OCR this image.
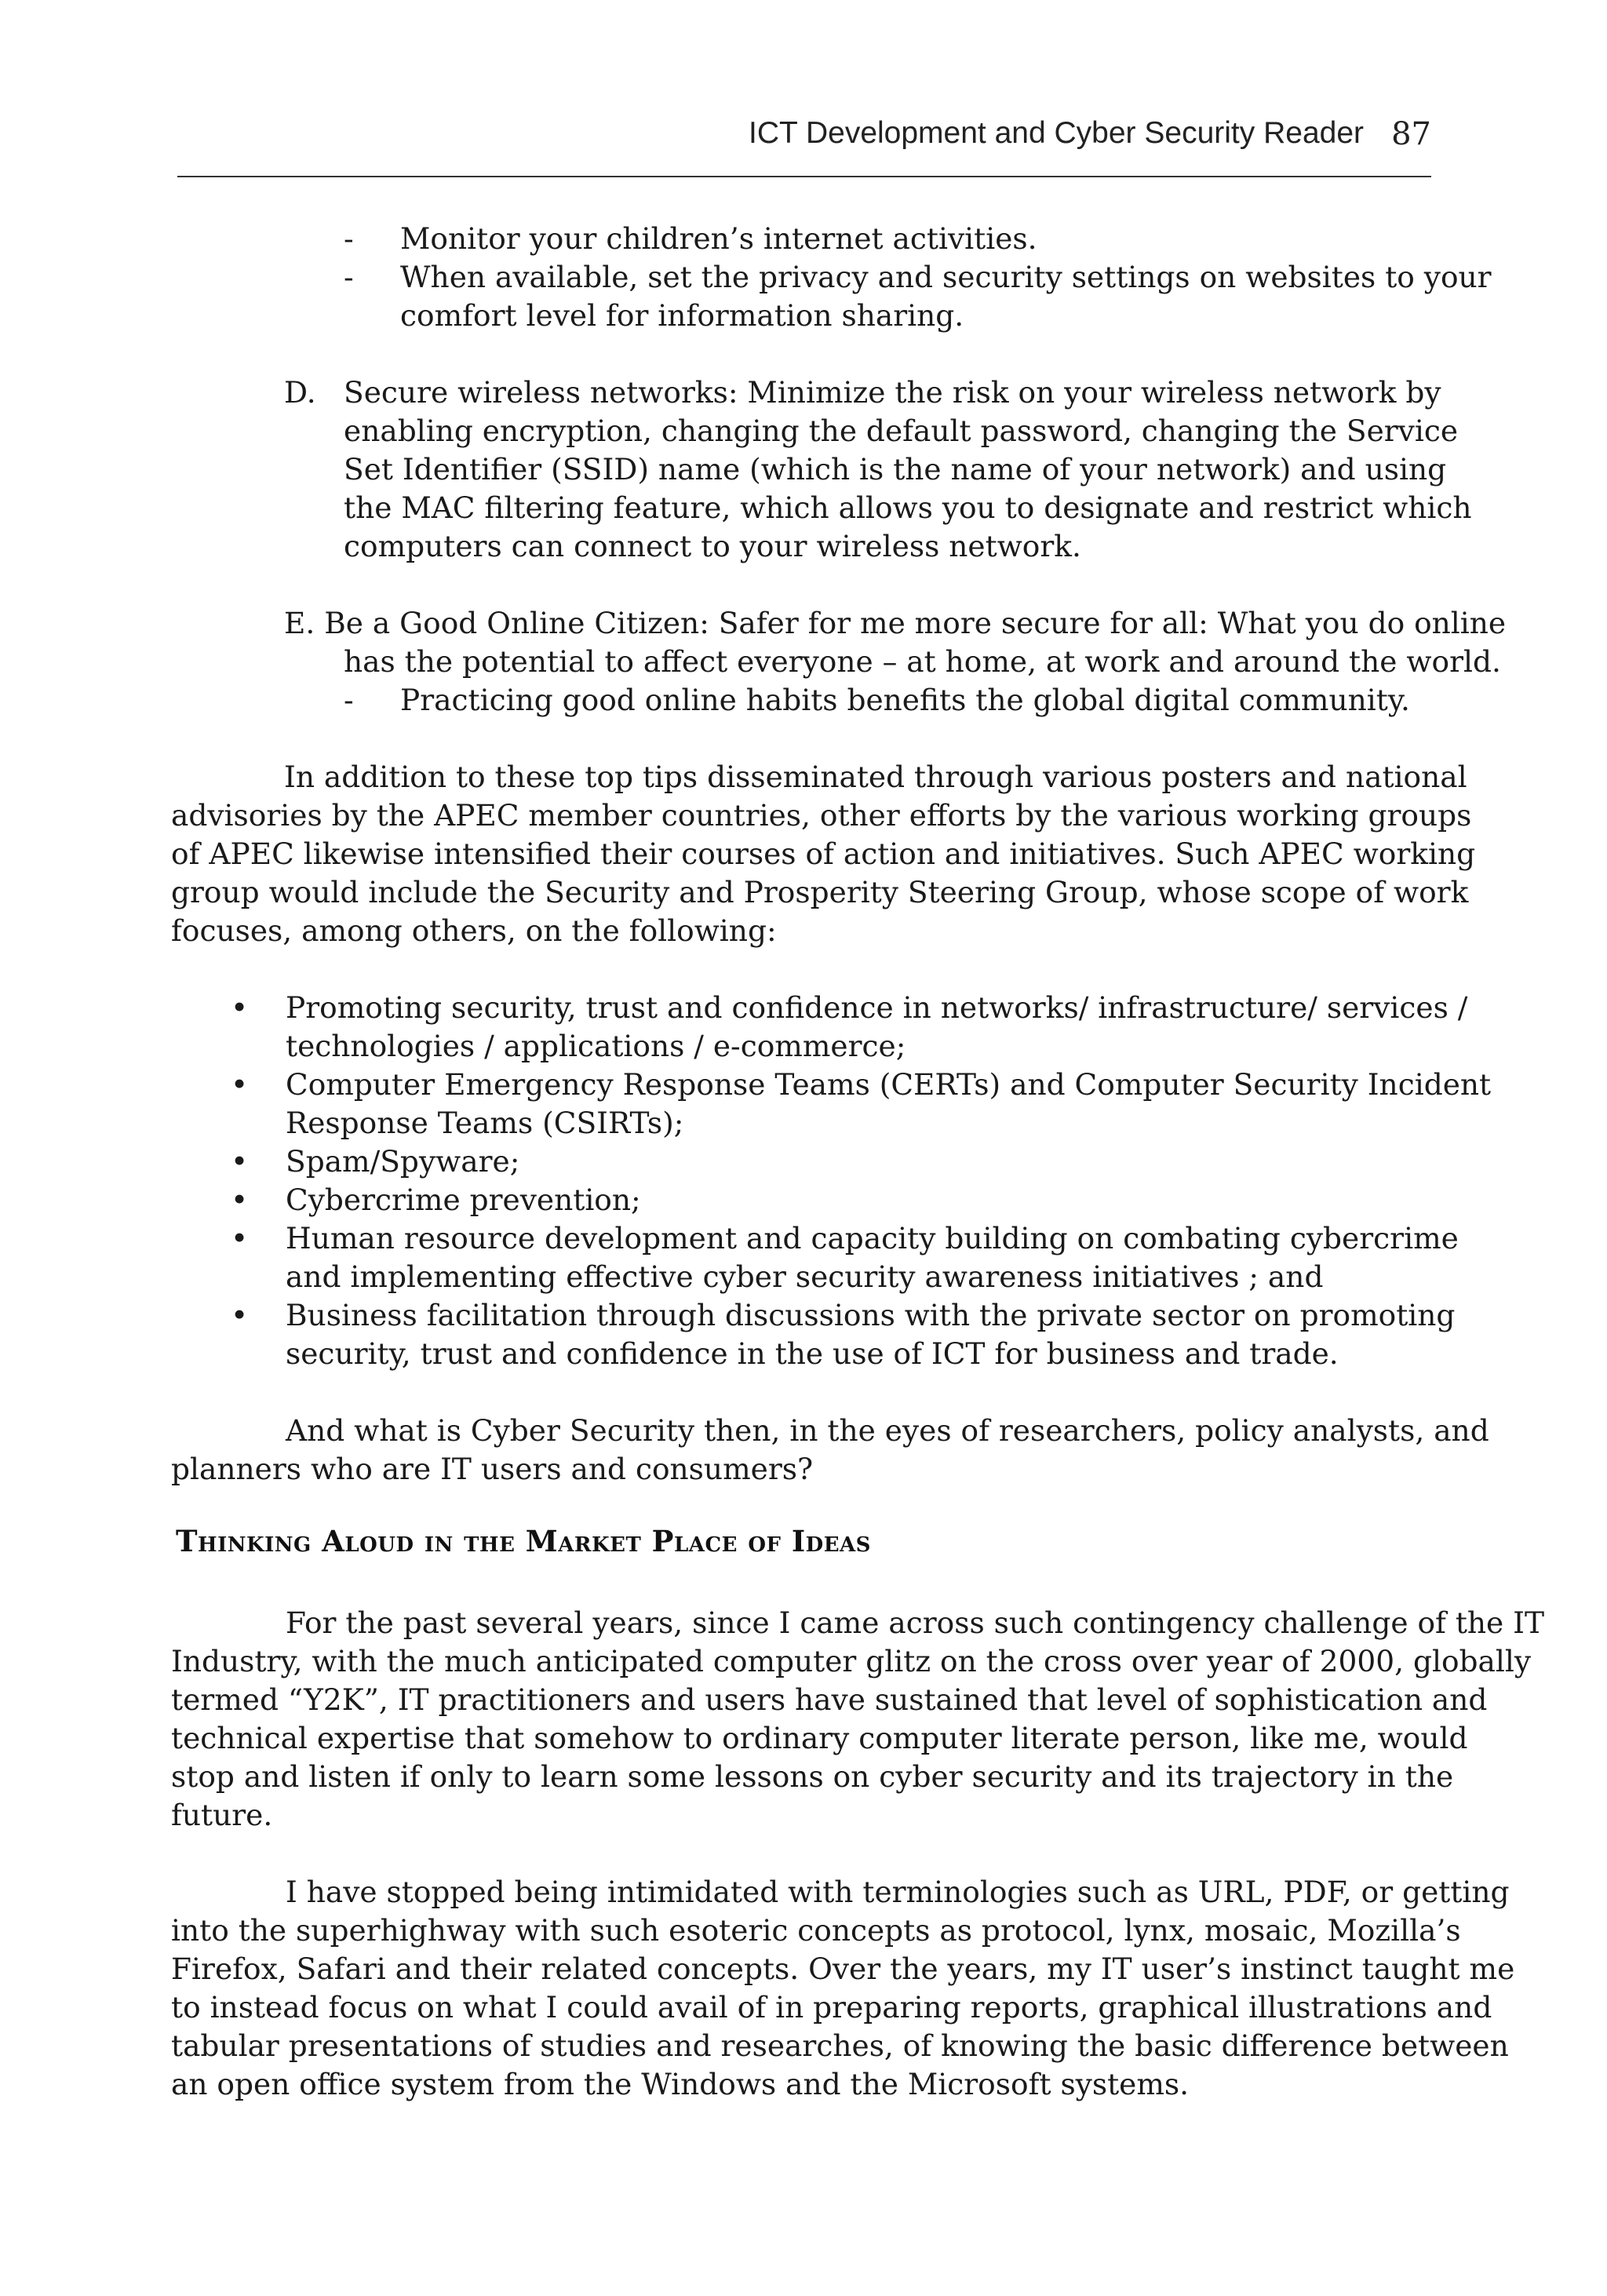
ICT Development and Cyber Security Reader 87
- Monitor your children’s internet activities.
- When available, set the privacy and security settings on websites to your
comfort level for information sharing.
D. Secure wireless networks: Minimize the risk on your wireless network by
enabling encryption, changing the default password, changing the Service
Set Identifier (SSID) name (which is the name of your network) and using
the MAC filtering feature, which allows you to designate and restrict which
computers can connect to your wireless network.
E. Be a Good Online Citizen: Safer for me more secure for all: What you do online
has the potential to affect everyone – at home, at work and around the world.
- Practicing good online habits benefits the global digital community.
In addition to these top tips disseminated through various posters and national
advisories by the APEC member countries, other efforts by the various working groups
of APEC likewise intensified their courses of action and initiatives. Such APEC working
group would include the Security and Prosperity Steering Group, whose scope of work
focuses, among others, on the following:
• Promoting security, trust and confidence in networks/ infrastructure/ services /
technologies / applications / e-commerce;
• Computer Emergency Response Teams (CERTs) and Computer Security Incident
Response Teams (CSIRTs);
• Spam/Spyware;
• Cybercrime prevention;
• Human resource development and capacity building on combating cybercrime
and implementing effective cyber security awareness initiatives ; and
• Business facilitation through discussions with the private sector on promoting
security, trust and confidence in the use of ICT for business and trade.
And what is Cyber Security then, in the eyes of researchers, policy analysts, and
planners who are IT users and consumers?
Thinking Aloud in the Market Place of Ideas
For the past several years, since I came across such contingency challenge of the IT
Industry, with the much anticipated computer glitz on the cross over year of 2000, globally
termed “Y2K”, IT practitioners and users have sustained that level of sophistication and
technical expertise that somehow to ordinary computer literate person, like me, would
stop and listen if only to learn some lessons on cyber security and its trajectory in the
future.
I have stopped being intimidated with terminologies such as URL, PDF, or getting
into the superhighway with such esoteric concepts as protocol, lynx, mosaic, Mozilla’s
Firefox, Safari and their related concepts. Over the years, my IT user’s instinct taught me
to instead focus on what I could avail of in preparing reports, graphical illustrations and
tabular presentations of studies and researches, of knowing the basic difference between
an open office system from the Windows and the Microsoft systems.
